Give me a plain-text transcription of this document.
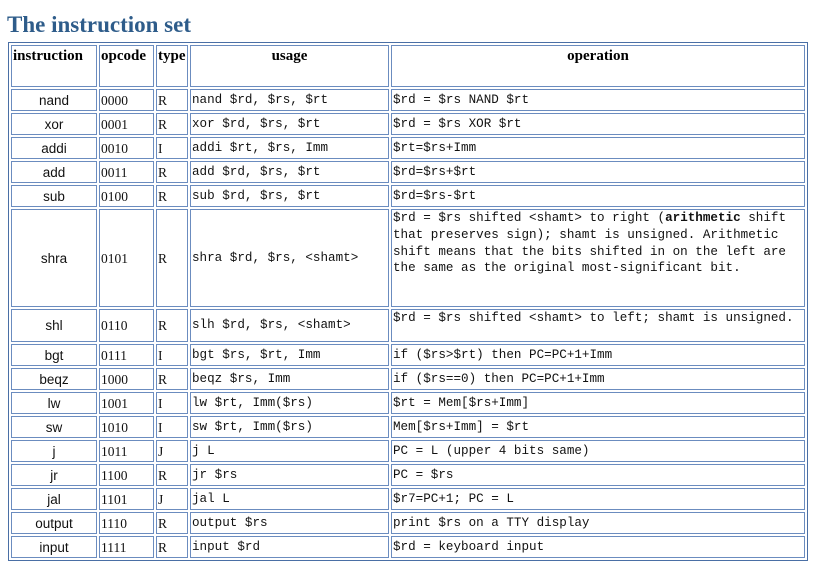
The instruction set
instruction	opcode	type	usage	operation
nand	0000	R	nand $rd, $rs, $rt	$rd = $rs NAND $rt
xor	0001	R	xor $rd, $rs, $rt	$rd = $rs XOR $rt
addi	0010	I	addi $rt, $rs, Imm	$rt=$rs+Imm
add	0011	R	add $rd, $rs, $rt	$rd=$rs+$rt
sub	0100	R	sub $rd, $rs, $rt	$rd=$rs-$rt
shra	0101	R	shra $rd, $rs, <shamt>	$rd = $rs shifted <shamt> to right (arithmetic shift that preserves sign); shamt is unsigned. Arithmetic shift means that the bits shifted in on the left are the same as the original most-significant bit.
shl	0110	R	slh $rd, $rs, <shamt>	$rd = $rs shifted <shamt> to left; shamt is unsigned.
bgt	0111	I	bgt $rs, $rt, Imm	if ($rs>$rt) then PC=PC+1+Imm
beqz	1000	R	beqz $rs, Imm	if ($rs==0) then PC=PC+1+Imm
lw	1001	I	lw $rt, Imm($rs)	$rt = Mem[$rs+Imm]
sw	1010	I	sw $rt, Imm($rs)	Mem[$rs+Imm] = $rt
j	1011	J	j L	PC = L (upper 4 bits same)
jr	1100	R	jr $rs	PC = $rs
jal	1101	J	jal L	$r7=PC+1; PC = L
output	1110	R	output $rs	print $rs on a TTY display
input	1111	R	input $rd	$rd = keyboard input
